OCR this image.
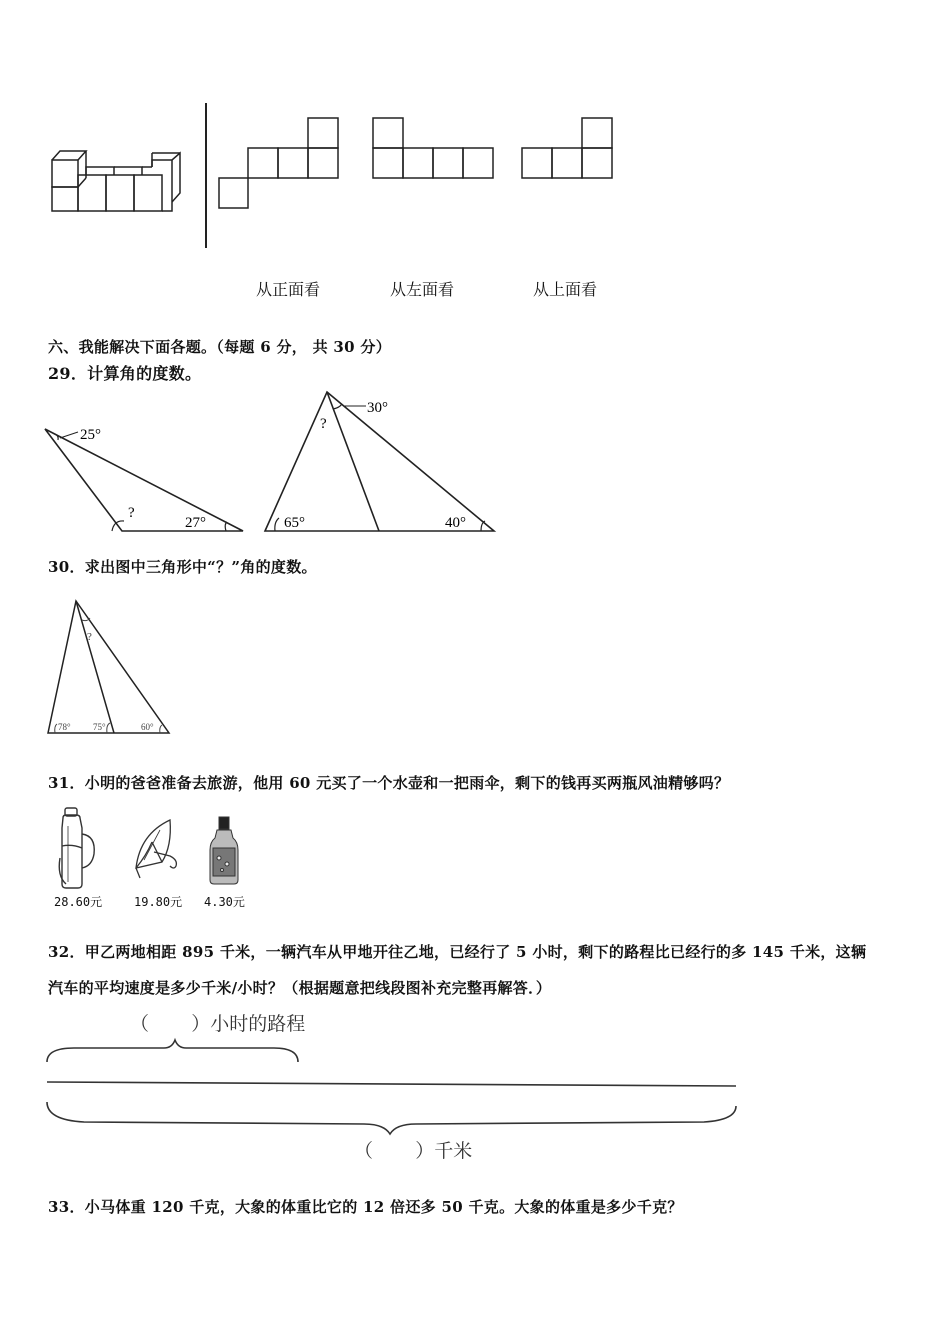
从正面看	从左面看	从上面看
六、我能解决下面各题。（每题 6 分， 共 30 分）
29．计算角的度数。
25°
?
27°
30°
?
65°	40°
30．求出图中三角形中“？”角的度数。
?
78° 75°	60°
31．小明的爸爸准备去旅游，他用 60 元买了一个水壶和一把雨伞，剩下的钱再买两瓶风油精够吗？
28.60元	19.80元 4.30元
32．甲乙两地相距 895 千米，一辆汽车从甲地开往乙地，已经行了 5 小时，剩下的路程比已经行的多 145 千米，这辆
汽车的平均速度是多少千米/小时？（根据题意把线段图补充完整再解答．）
（       ）小时的路程
（       ）千米
33．小马体重 120 千克，大象的体重比它的 12 倍还多 50 千克。大象的体重是多少千克？
